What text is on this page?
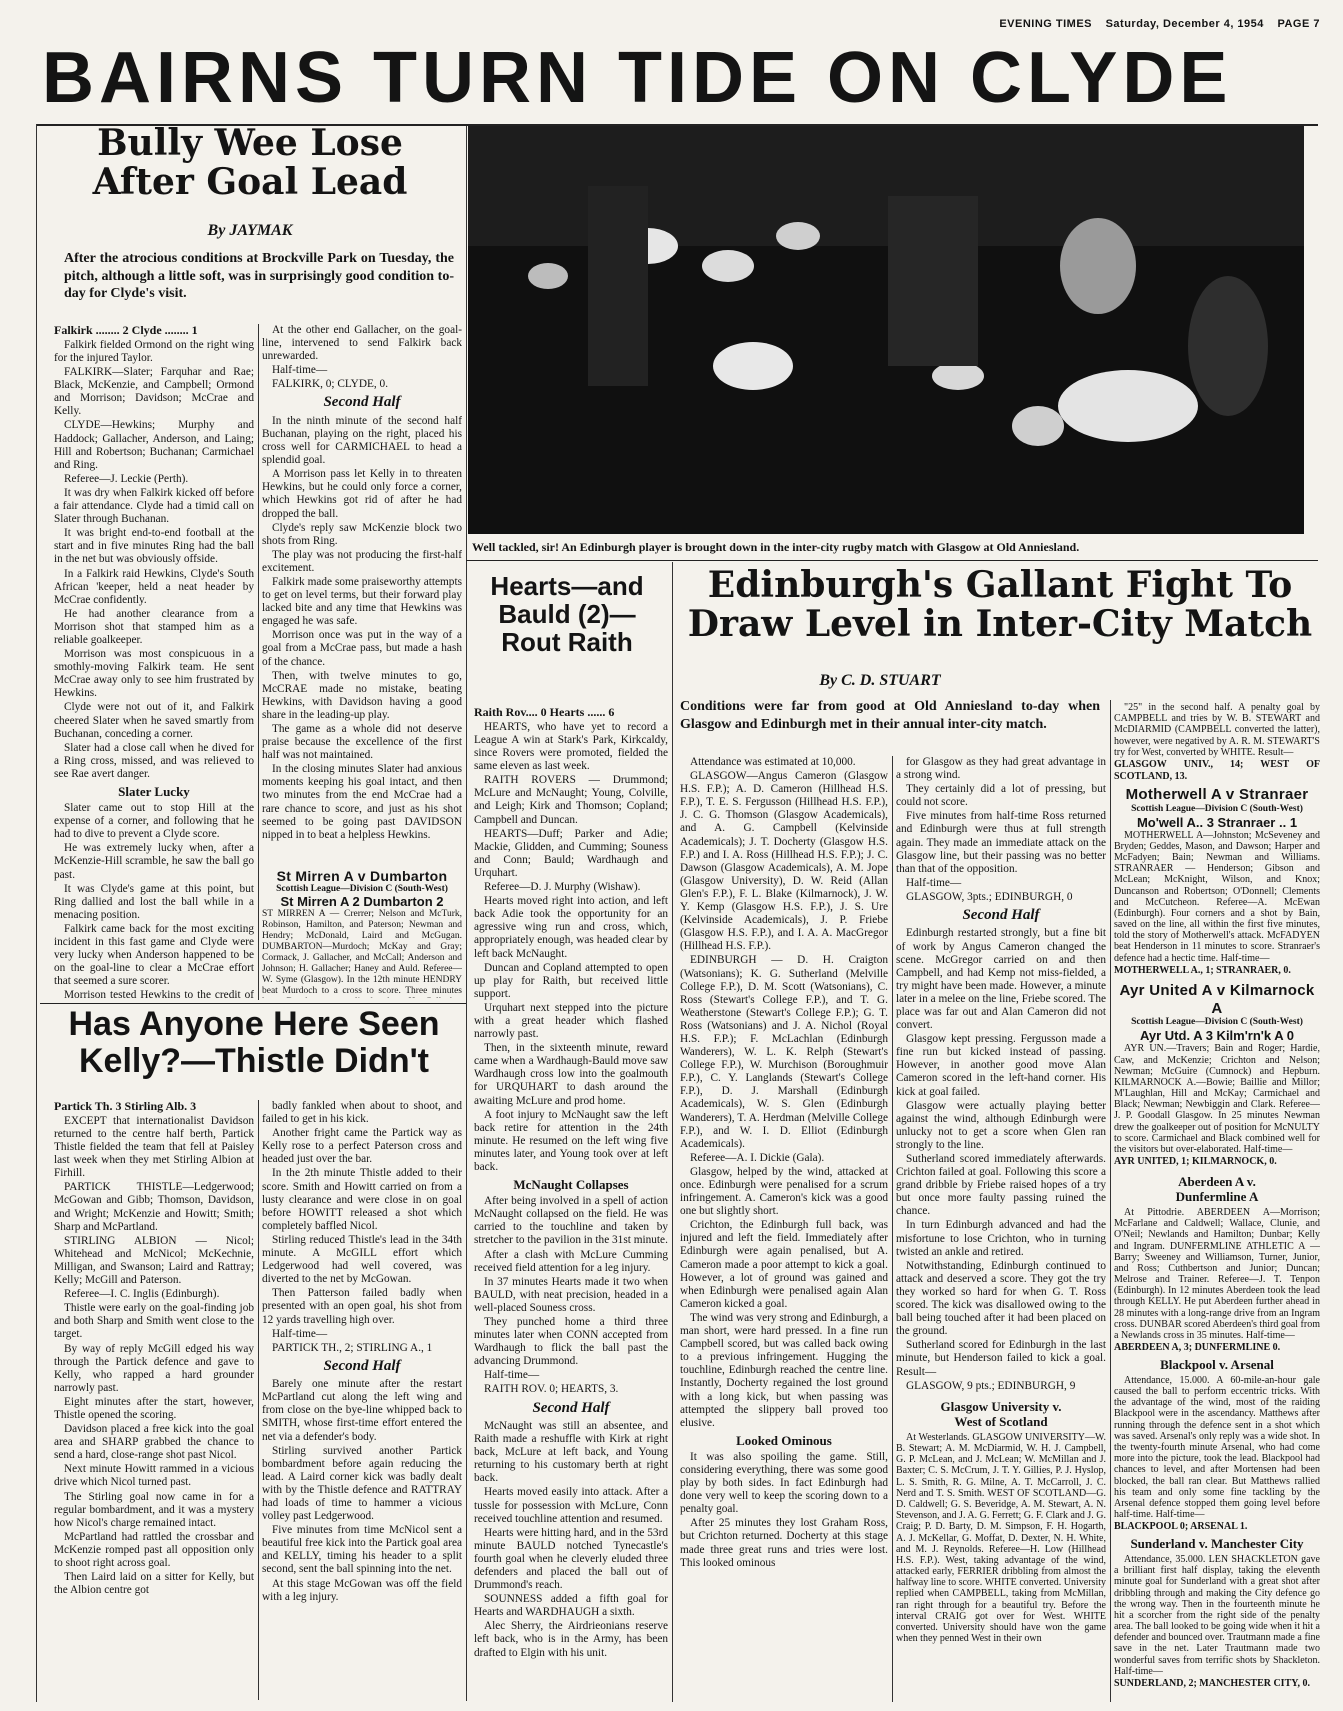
EVENING TIMES Saturday, December 4, 1954 PAGE 7
BAIRNS TURN TIDE ON CLYDE
Bully Wee Lose
After Goal Lead
By JAYMAK
After the atrocious conditions at Brockville Park on Tuesday, the pitch, although a little soft, was in surprisingly good condition to-day for Clyde's visit.

Falkirk ........ 2 Clyde ........ 1

Falkirk fielded Ormond on the right wing for the injured Taylor.

FALKIRK—Slater; Farquhar and Rae; Black, McKenzie, and Campbell; Ormond and Morrison; Davidson; McCrae and Kelly.

CLYDE—Hewkins; Murphy and Haddock; Gallacher, Anderson, and Laing; Hill and Robertson; Buchanan; Carmichael and Ring.

Referee—J. Leckie (Perth).

It was dry when Falkirk kicked off before a fair attendance. Clyde had a timid call on Slater through Buchanan.

It was bright end-to-end football at the start and in five minutes Ring had the ball in the net but was obviously offside.

In a Falkirk raid Hewkins, Clyde's South African 'keeper, held a neat header by McCrae confidently.

He had another clearance from a Morrison shot that stamped him as a reliable goalkeeper.

Morrison was most conspicuous in a smothly-moving Falkirk team. He sent McCrae away only to see him frustrated by Hewkins.

Clyde were not out of it, and Falkirk cheered Slater when he saved smartly from Buchanan, conceding a corner.

Slater had a close call when he dived for a Ring cross, missed, and was relieved to see Rae avert danger.

Slater Lucky

Slater came out to stop Hill at the expense of a corner, and following that he had to dive to prevent a Clyde score.

He was extremely lucky when, after a McKenzie-Hill scramble, he saw the ball go past.

It was Clyde's game at this point, but Ring dallied and lost the ball while in a menacing position.

Falkirk came back for the most exciting incident in this fast game and Clyde were very lucky when Anderson happened to be on the goal-line to clear a McCrae effort that seemed a sure scorer.

Morrison tested Hewkins to the credit of

At the other end Gallacher, on the goal-line, intervened to send Falkirk back unrewarded.

Half-time—

FALKIRK, 0; CLYDE, 0.

Second Half

In the ninth minute of the second half Buchanan, playing on the right, placed his cross well for CARMICHAEL to head a splendid goal.

A Morrison pass let Kelly in to threaten Hewkins, but he could only force a corner, which Hewkins got rid of after he had dropped the ball.

Clyde's reply saw McKenzie block two shots from Ring.

The play was not producing the first-half excitement.

Falkirk made some praiseworthy attempts to get on level terms, but their forward play lacked bite and any time that Hewkins was engaged he was safe.

Morrison once was put in the way of a goal from a McCrae pass, but made a hash of the chance.

Then, with twelve minutes to go, McCRAE made no mistake, beating Hewkins, with Davidson having a good share in the leading-up play.

The game as a whole did not deserve praise because the excellence of the first half was not maintained.

In the closing minutes Slater had anxious moments keeping his goal intact, and then two minutes from the end McCrae had a rare chance to score, and just as his shot seemed to be going past DAVIDSON nipped in to beat a helpless Hewkins.

St Mirren A v Dumbarton
Scottish League—Division C (South-West)
St Mirren A 2 Dumbarton 2
ST MIRREN A — Crerrer; Nelson and McTurk, Robinson, Hamilton, and Paterson; Newman and Hendry; McDonald, Laird and McGugan. DUMBARTON—Murdoch; McKay and Gray; Cormack, J. Gallacher, and McCall; Anderson and Johnson; H. Gallacher; Haney and Auld. Referee—W. Syme (Glasgow). In the 12th minute HENDRY beat Murdoch to a cross to score. Three minutes
Has Anyone Here Seen
Kelly?—Thistle Didn't

Partick Th. 3 Stirling Alb. 3

EXCEPT that internationalist Davidson returned to the centre half berth, Partick Thistle fielded the team that fell at Paisley last week when they met Stirling Albion at Firhill.

PARTICK THISTLE—Ledgerwood; McGowan and Gibb; Thomson, Davidson, and Wright; McKenzie and Howitt; Smith; Sharp and McPartland.

STIRLING ALBION — Nicol; Whitehead and McNicol; McKechnie, Milligan, and Swanson; Laird and Rattray; Kelly; McGill and Paterson.

Referee—I. C. Inglis (Edinburgh).

Thistle were early on the goal-finding job and both Sharp and Smith went close to the target.

By way of reply McGill edged his way through the Partick defence and gave to Kelly, who rapped a hard grounder narrowly past.

Eight minutes after the start, however, Thistle opened the scoring.

Davidson placed a free kick into the goal area and SHARP grabbed the chance to send a hard, close-range shot past Nicol.

Next minute Howitt rammed in a vicious drive which Nicol turned past.

The Stirling goal now came in for a regular bombardment, and it was a mystery how Nicol's charge remained intact.

McPartland had rattled the crossbar and McKenzie romped past all opposition only to shoot right across goal.

Then Laird laid on a sitter for Kelly, but the Albion centre got

badly fankled when about to shoot, and failed to get in his kick.

Another fright came the Partick way as Kelly rose to a perfect Paterson cross and headed just over the bar.

In the 2th minute Thistle added to their score. Smith and Howitt carried on from a lusty clearance and were close in on goal before HOWITT released a shot which completely baffled Nicol.

Stirling reduced Thistle's lead in the 34th minute. A McGILL effort which Ledgerwood had well covered, was diverted to the net by McGowan.

Then Patterson failed badly when presented with an open goal, his shot from 12 yards travelling high over.

Half-time—

PARTICK TH., 2; STIRLING A., 1

Second Half

Barely one minute after the restart McPartland cut along the left wing and from close on the bye-line whipped back to SMITH, whose first-time effort entered the net via a defender's body.

Stirling survived another Partick bombardment before again reducing the lead. A Laird corner kick was badly dealt with by the Thistle defence and RATTRAY had loads of time to hammer a vicious volley past Ledgerwood.

Five minutes from time McNicol sent a beautiful free kick into the Partick goal area and KELLY, timing his header to a split second, sent the ball spinning into the net.

At this stage McGowan was off the field with a leg injury.

Well tackled, sir! An Edinburgh player is brought down in the inter-city rugby match with Glasgow at Old Anniesland.
Hearts—and Bauld (2)— Rout Raith

Raith Rov.... 0 Hearts ...... 6

HEARTS, who have yet to record a League A win at Stark's Park, Kirkcaldy, since Rovers were promoted, fielded the same eleven as last week.

RAITH ROVERS — Drummond; McLure and McNaught; Young, Colville, and Leigh; Kirk and Thomson; Copland; Campbell and Duncan.

HEARTS—Duff; Parker and Adie; Mackie, Glidden, and Cumming; Souness and Conn; Bauld; Wardhaugh and Urquhart.

Referee—D. J. Murphy (Wishaw).

Hearts moved right into action, and left back Adie took the opportunity for an agressive wing run and cross, which, appropriately enough, was headed clear by left back McNaught.

Duncan and Copland attempted to open up play for Raith, but received little support.

Urquhart next stepped into the picture with a great header which flashed narrowly past.

Then, in the sixteenth minute, reward came when a Wardhaugh-Bauld move saw Wardhaugh cross low into the goalmouth for URQUHART to dash around the awaiting McLure and prod home.

A foot injury to McNaught saw the left back retire for attention in the 24th minute. He resumed on the left wing five minutes later, and Young took over at left back.

McNaught Collapses

After being involved in a spell of action McNaught collapsed on the field. He was carried to the touchline and taken by stretcher to the pavilion in the 31st minute.

After a clash with McLure Cumming received field attention for a leg injury.

In 37 minutes Hearts made it two when BAULD, with neat precision, headed in a well-placed Souness cross.

They punched home a third three minutes later when CONN accepted from Wardhaugh to flick the ball past the advancing Drummond.

Half-time—

RAITH ROV. 0; HEARTS, 3.

Second Half

McNaught was still an absentee, and Raith made a reshuffle with Kirk at right back, McLure at left back, and Young returning to his customary berth at right back.

Hearts moved easily into attack. After a tussle for possession with McLure, Conn received touchline attention and resumed.

Hearts were hitting hard, and in the 53rd minute BAULD notched Tynecastle's fourth goal when he cleverly eluded three defenders and placed the ball out of Drummond's reach.

SOUNNESS added a fifth goal for Hearts and WARDHAUGH a sixth.

Alec Sherry, the Airdrieonians reserve left back, who is in the Army, has been drafted to Elgin with his unit.

Edinburgh's Gallant Fight To
Draw Level in Inter-City Match
By C. D. STUART
Conditions were far from good at Old Anniesland to-day when Glasgow and Edinburgh met in their annual inter-city match.

Attendance was estimated at 10,000.

GLASGOW—Angus Cameron (Glasgow H.S. F.P.); A. D. Cameron (Hillhead H.S. F.P.), T. E. S. Fergusson (Hillhead H.S. F.P.), J. C. G. Thomson (Glasgow Academicals), and A. G. Campbell (Kelvinside Academicals); J. T. Docherty (Glasgow H.S. F.P.) and I. A. Ross (Hillhead H.S. F.P.); J. C. Dawson (Glasgow Academicals), A. M. Jope (Glasgow University), D. W. Reid (Allan Glen's F.P.), F. L. Blake (Kilmarnock), J. W. Y. Kemp (Glasgow H.S. F.P.), J. S. Ure (Kelvinside Academicals), J. P. Friebe (Glasgow H.S. F.P.), and I. A. A. MacGregor (Hillhead H.S. F.P.).

EDINBURGH — D. H. Craigton (Watsonians); K. G. Sutherland (Melville College F.P.), D. M. Scott (Watsonians), C. Ross (Stewart's College F.P.), and T. G. Weatherstone (Stewart's College F.P.); G. T. Ross (Watsonians) and J. A. Nichol (Royal H.S. F.P.); F. McLachlan (Edinburgh Wanderers), W. L. K. Relph (Stewart's College F.P.), W. Murchison (Boroughmuir F.P.), C. Y. Langlands (Stewart's College F.P.), D. J. Marshall (Edinburgh Academicals), W. S. Glen (Edinburgh Wanderers), T. A. Herdman (Melville College F.P.), and W. I. D. Elliot (Edinburgh Academicals).

Referee—A. I. Dickie (Gala).

Glasgow, helped by the wind, attacked at once. Edinburgh were penalised for a scrum infringement. A. Cameron's kick was a good one but slightly short.

Crichton, the Edinburgh full back, was injured and left the field. Immediately after Edinburgh were again penalised, but A. Cameron made a poor attempt to kick a goal. However, a lot of ground was gained and when Edinburgh were penalised again Alan Cameron kicked a goal.

The wind was very strong and Edinburgh, a man short, were hard pressed. In a fine run Campbell scored, but was called back owing to a previous infringement. Hugging the touchline, Edinburgh reached the centre line. Instantly, Docherty regained the lost ground with a long kick, but when passing was attempted the slippery ball proved too elusive.

Looked Ominous

It was also spoiling the game. Still, considering everything, there was some good play by both sides. In fact Edinburgh had done very well to keep the scoring down to a penalty goal.

After 25 minutes they lost Graham Ross, but Crichton returned. Docherty at this stage made three great runs and tries were lost. This looked ominous

for Glasgow as they had great advantage in a strong wind.

They certainly did a lot of pressing, but could not score.

Five minutes from half-time Ross returned and Edinburgh were thus at full strength again. They made an immediate attack on the Glasgow line, but their passing was no better than that of the opposition.

Half-time—

GLASGOW, 3pts.; EDINBURGH, 0

Second Half

Edinburgh restarted strongly, but a fine bit of work by Angus Cameron changed the scene. McGregor carried on and then Campbell, and had Kemp not miss-fielded, a try might have been made. However, a minute later in a melee on the line, Friebe scored. The place was far out and Alan Cameron did not convert.

Glasgow kept pressing. Fergusson made a fine run but kicked instead of passing. However, in another good move Alan Cameron scored in the left-hand corner. His kick at goal failed.

Glasgow were actually playing better against the wind, although Edinburgh were unlucky not to get a score when Glen ran strongly to the line.

Sutherland scored immediately afterwards. Crichton failed at goal. Following this score a grand dribble by Friebe raised hopes of a try but once more faulty passing ruined the chance.

In turn Edinburgh advanced and had the misfortune to lose Crichton, who in turning twisted an ankle and retired.

Notwithstanding, Edinburgh continued to attack and deserved a score. They got the try they worked so hard for when G. T. Ross scored. The kick was disallowed owing to the ball being touched after it had been placed on the ground.

Sutherland scored for Edinburgh in the last minute, but Henderson failed to kick a goal. Result—

GLASGOW, 9 pts.; EDINBURGH, 9

Glasgow University v.
West of Scotland

At Westerlands. GLASGOW UNIVERSITY—W. B. Stewart; A. M. McDiarmid, W. H. J. Campbell, G. P. McLean, and J. McLean; W. McMillan and J. Baxter; C. S. McCrum, J. T. Y. Gillies, P. J. Hyslop, L. S. Smith, R. G. Milne, A. T. McCarroll, J. C. Nerd and T. S. Smith. WEST OF SCOTLAND—G. D. Caldwell; G. S. Beveridge, A. M. Stewart, A. N. Stevenson, and J. A. G. Ferrett; G. F. Clark and J. G. Craig; P. D. Barty, D. M. Simpson, F. H. Hogarth, A. J. McKellar, G. Moffat, D. Dexter, N. H. White, and M. J. Reynolds. Referee—H. Low (Hillhead H.S. F.P.). West, taking advantage of the wind, attacked early, FERRIER dribbling from almost the halfway line to score. WHITE converted. University replied when CAMPBELL, taking from McMillan, ran right through for a beautiful try. Before the interval CRAIG got over for West. WHITE converted. University should have won the game when they penned West in their own

"25" in the second half. A penalty goal by CAMPBELL and tries by W. B. STEWART and McDIARMID (CAMPBELL converted the latter), however, were negatived by A. R. M. STEWART'S try for West, converted by WHITE. Result—

GLASGOW UNIV., 14; WEST OF SCOTLAND, 13.

Motherwell A v Stranraer
Scottish League—Division C (South-West)
Mo'well A.. 3 Stranraer .. 1

MOTHERWELL A—Johnston; McSeveney and Bryden; Geddes, Mason, and Dawson; Harper and McFadyen; Bain; Newman and Williams. STRANRAER — Henderson; Gibson and McLean; McKnight, Wilson, and Knox; Duncanson and Robertson; O'Donnell; Clements and McCutcheon. Referee—A. McEwan (Edinburgh). Four corners and a shot by Bain, saved on the line, all within the first five minutes, told the story of Motherwell's attack. McFADYEN beat Henderson in 11 minutes to score. Stranraer's defence had a hectic time. Half-time—

MOTHERWELL A., 1; STRANRAER, 0.

Ayr United A v Kilmarnock A
Scottish League—Division C (South-West)
Ayr Utd. A 3 Kilm'rn'k A 0

AYR UN.—Travers; Bain and Roger; Hardie, Caw, and McKenzie; Crichton and Nelson; Newman; McGuire (Cumnock) and Hepburn. KILMARNOCK A.—Bowie; Baillie and Millor; M'Laughlan, Hill and McKay; Carmichael and Black; Newman; Newbiggin and Clark. Referee—J. P. Goodall Glasgow. In 25 minutes Newman drew the goalkeeper out of position for McNULTY to score. Carmichael and Black combined well for the visitors but over-elaborated. Half-time—

AYR UNITED, 1; KILMARNOCK, 0.

Aberdeen A v.
Dunfermline A

At Pittodrie. ABERDEEN A—Morrison; McFarlane and Caldwell; Wallace, Clunie, and O'Neil; Newlands and Hamilton; Dunbar; Kelly and Ingram. DUNFERMLINE ATHLETIC A — Barry; Sweeney and Williamson, Turner, Junior, and Ross; Cuthbertson and Junior; Duncan; Melrose and Trainer. Referee—J. T. Tenpon (Edinburgh). In 12 minutes Aberdeen took the lead through KELLY. He put Aberdeen further ahead in 28 minutes with a long-range drive from an Ingram cross. DUNBAR scored Aberdeen's third goal from a Newlands cross in 35 minutes. Half-time—

ABERDEEN A, 3; DUNFERMLINE 0.

Blackpool v. Arsenal

Attendance, 15.000. A 60-mile-an-hour gale caused the ball to perform eccentric tricks. With the advantage of the wind, most of the raiding Blackpool were in the ascendancy. Matthews after running through the defence sent in a shot which was saved. Arsenal's only reply was a wide shot. In the twenty-fourth minute Arsenal, who had come more into the picture, took the lead. Blackpool had chances to level, and after Mortensen had been blocked, the ball ran clear. But Matthews rallied his team and only some fine tackling by the Arsenal defence stopped them going level before half-time. Half-time—

BLACKPOOL 0; ARSENAL 1.

Sunderland v. Manchester City

Attendance, 35.000. LEN SHACKLETON gave a brilliant first half display, taking the eleventh minute goal for Sunderland with a great shot after dribbling through and making the City defence go the wrong way. Then in the fourteenth minute he hit a scorcher from the right side of the penalty area. The ball looked to be going wide when it hit a defender and bounced over. Trautmann made a fine save in the net. Later Trautmann made two wonderful saves from terrific shots by Shackleton. Half-time—

SUNDERLAND, 2; MANCHESTER CITY, 0.
